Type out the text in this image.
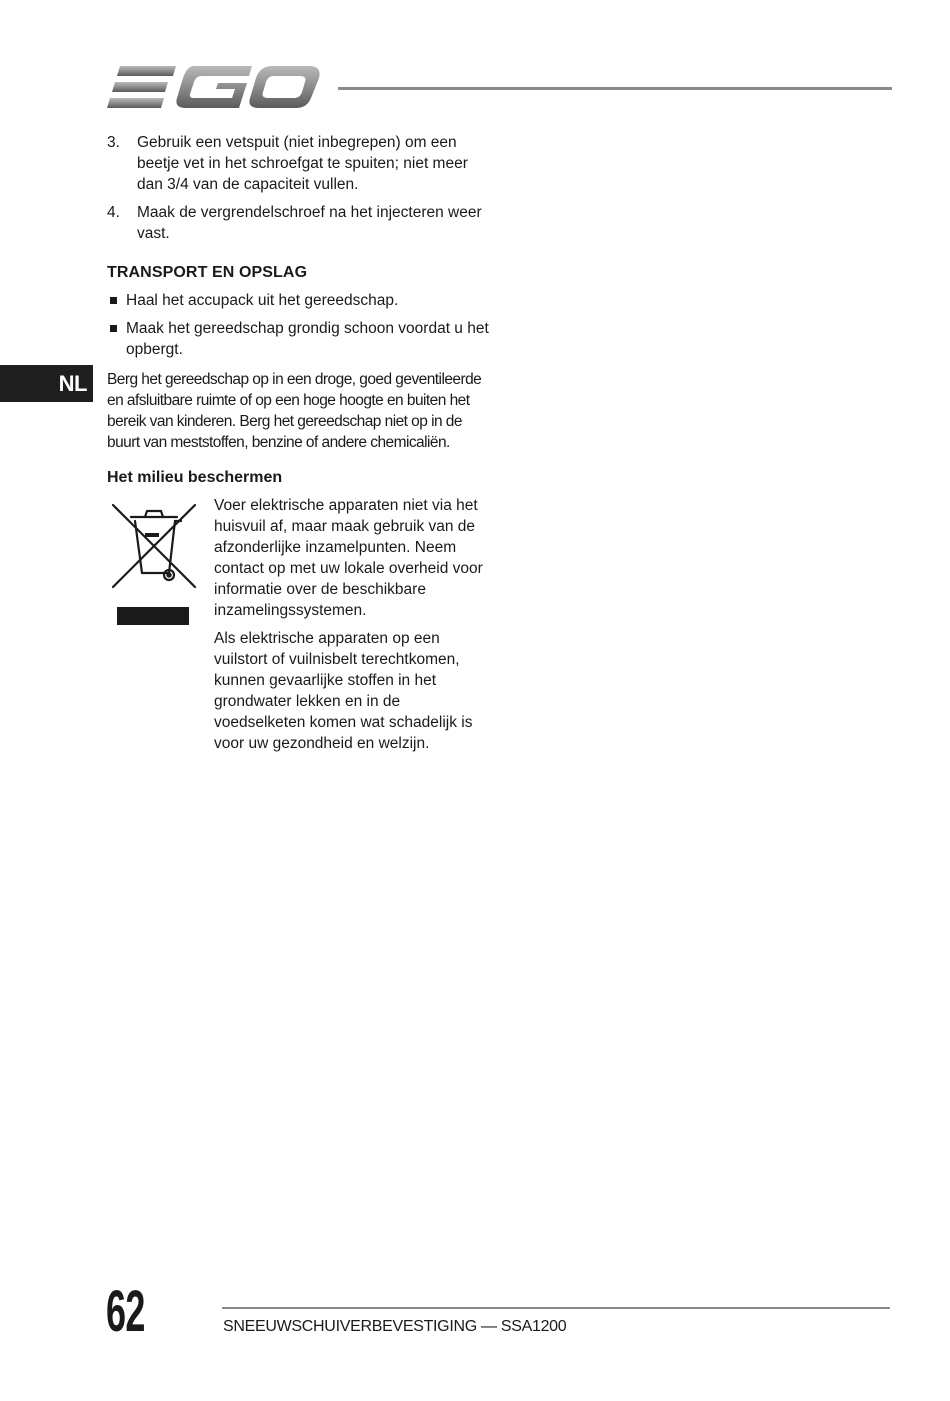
NL
3.	Gebruik een vetspuit (niet inbegrepen) om een beetje vet in het schroefgat te spuiten; niet meer dan 3/4 van de capaciteit vullen.
4.	Maak de vergrendelschroef na het injecteren weer vast.
TRANSPORT EN OPSLAG
Haal het accupack uit het gereedschap.
Maak het gereedschap grondig schoon voordat u het opbergt.

Berg het gereedschap op in een droge, goed geventileerde en afsluitbare ruimte of op een hoge hoogte en buiten het bereik van kinderen. Berg het gereedschap niet op in de buurt van meststoffen, benzine of andere chemicaliën.

Het milieu beschermen

Voer elektrische apparaten niet via het huisvuil af, maar maak gebruik van de afzonderlijke inzamelpunten. Neem contact op met uw lokale overheid voor informatie over de beschikbare inzamelingssystemen.

Als elektrische apparaten op een vuilstort of vuilnisbelt terechtkomen, kunnen gevaarlijke stoffen in het grondwater lekken en in de voedselketen komen wat schadelijk is voor uw gezondheid en welzijn.

62	SNEEUWSCHUIVERBEVESTIGING — SSA1200
